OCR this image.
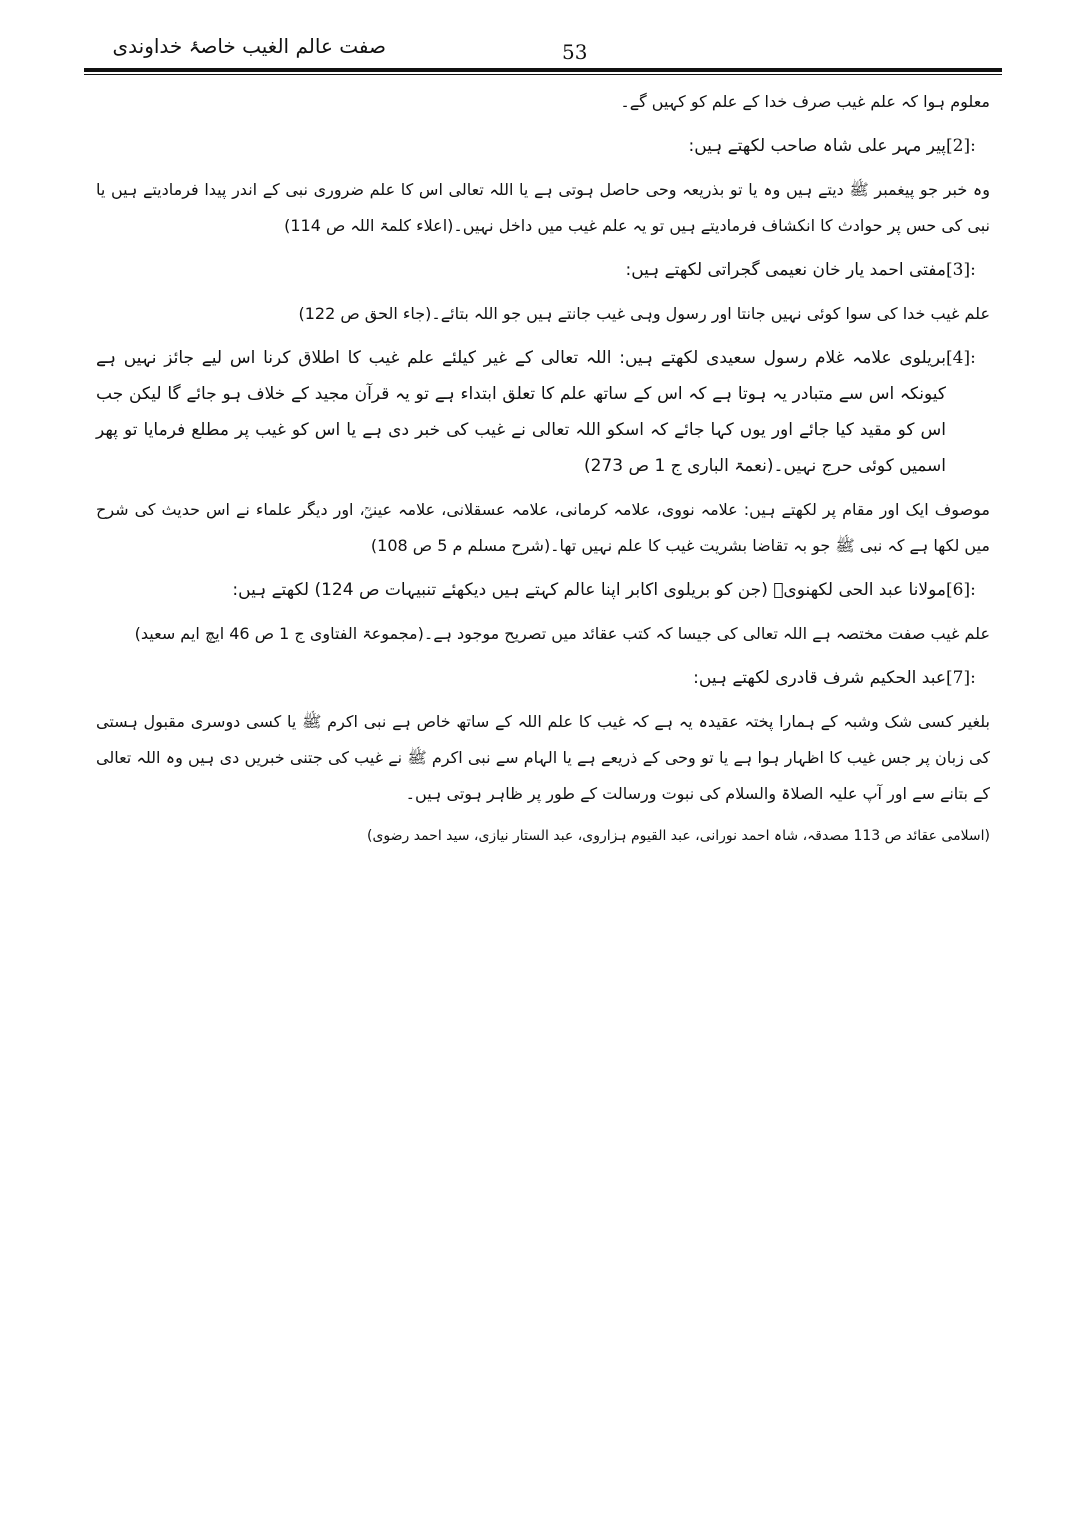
صفت عالم الغیب خاصۂ خداوندی	53

معلوم ہوا کہ علم غیب صرف خدا کے علم کو کہیں گے۔

[2]:
پیر مہر علی شاہ صاحب لکھتے ہیں:

وہ خبر جو پیغمبر ﷺ دیتے ہیں وہ یا تو بذریعہ وحی حاصل ہوتی ہے یا اللہ تعالی اس کا علم ضروری نبی کے اندر پیدا فرمادیتے ہیں یا نبی کی حس پر حوادث کا انکشاف فرمادیتے ہیں تو یہ علم غیب میں داخل نہیں۔(اعلاء کلمۃ اللہ ص 114)

[3]:
مفتی احمد یار خان نعیمی گجراتی لکھتے ہیں:

علم غیب خدا کی سوا کوئی نہیں جانتا اور رسول وہی غیب جانتے ہیں جو اللہ بتائے۔(جاء الحق ص 122)

[4]:
بریلوی علامہ غلام رسول سعیدی لکھتے ہیں: اللہ تعالی کے غیر کیلئے علم غیب کا اطلاق کرنا اس لیے جائز نہیں ہے کیونکہ اس سے متبادر یہ ہوتا ہے کہ اس کے ساتھ علم کا تعلق ابتداء ہے تو یہ قرآن مجید کے خلاف ہو جائے گا لیکن جب اس کو مقید کیا جائے اور یوں کہا جائے کہ اسکو اللہ تعالی نے غیب کی خبر دی ہے یا اس کو غیب پر مطلع فرمایا تو پھر اسمیں کوئی حرج نہیں۔(نعمۃ الباری ج 1 ص 273)

موصوف ایک اور مقام پر لکھتے ہیں: علامہ نووی، علامہ کرمانی، علامہ عسقلانی، علامہ عینیؒ، اور دیگر علماء نے اس حدیث کی شرح میں لکھا ہے کہ نبی ﷺ جو بہ تقاضا بشریت غیب کا علم نہیں تھا۔(شرح مسلم م 5 ص 108)

[6]:
مولانا عبد الحی لکھنویؒ (جن کو بریلوی اکابر اپنا عالم کہتے ہیں دیکھئے تنبیہات ص 124) لکھتے ہیں:

علم غیب صفت مختصہ ہے اللہ تعالی کی جیسا کہ کتب عقائد میں تصریح موجود ہے۔(مجموعۃ الفتاوی ج 1 ص 46 ایچ ایم سعید)

[7]:
عبد الحکیم شرف قادری لکھتے ہیں:

بلغیر کسی شک وشبہ کے ہمارا پختہ عقیدہ یہ ہے کہ غیب کا علم اللہ کے ساتھ خاص ہے نبی اکرم ﷺ یا کسی دوسری مقبول ہستی کی زبان پر جس غیب کا اظہار ہوا ہے یا تو وحی کے ذریعے ہے یا الہام سے نبی اکرم ﷺ نے غیب کی جتنی خبریں دی ہیں وہ اللہ تعالی کے بتانے سے اور آپ علیہ الصلاۃ والسلام کی نبوت ورسالت کے طور پر ظاہر ہوتی ہیں۔

(اسلامی عقائد ص 113 مصدقہ، شاہ احمد نورانی، عبد القیوم ہزاروی، عبد الستار نیازی، سید احمد رضوی)
